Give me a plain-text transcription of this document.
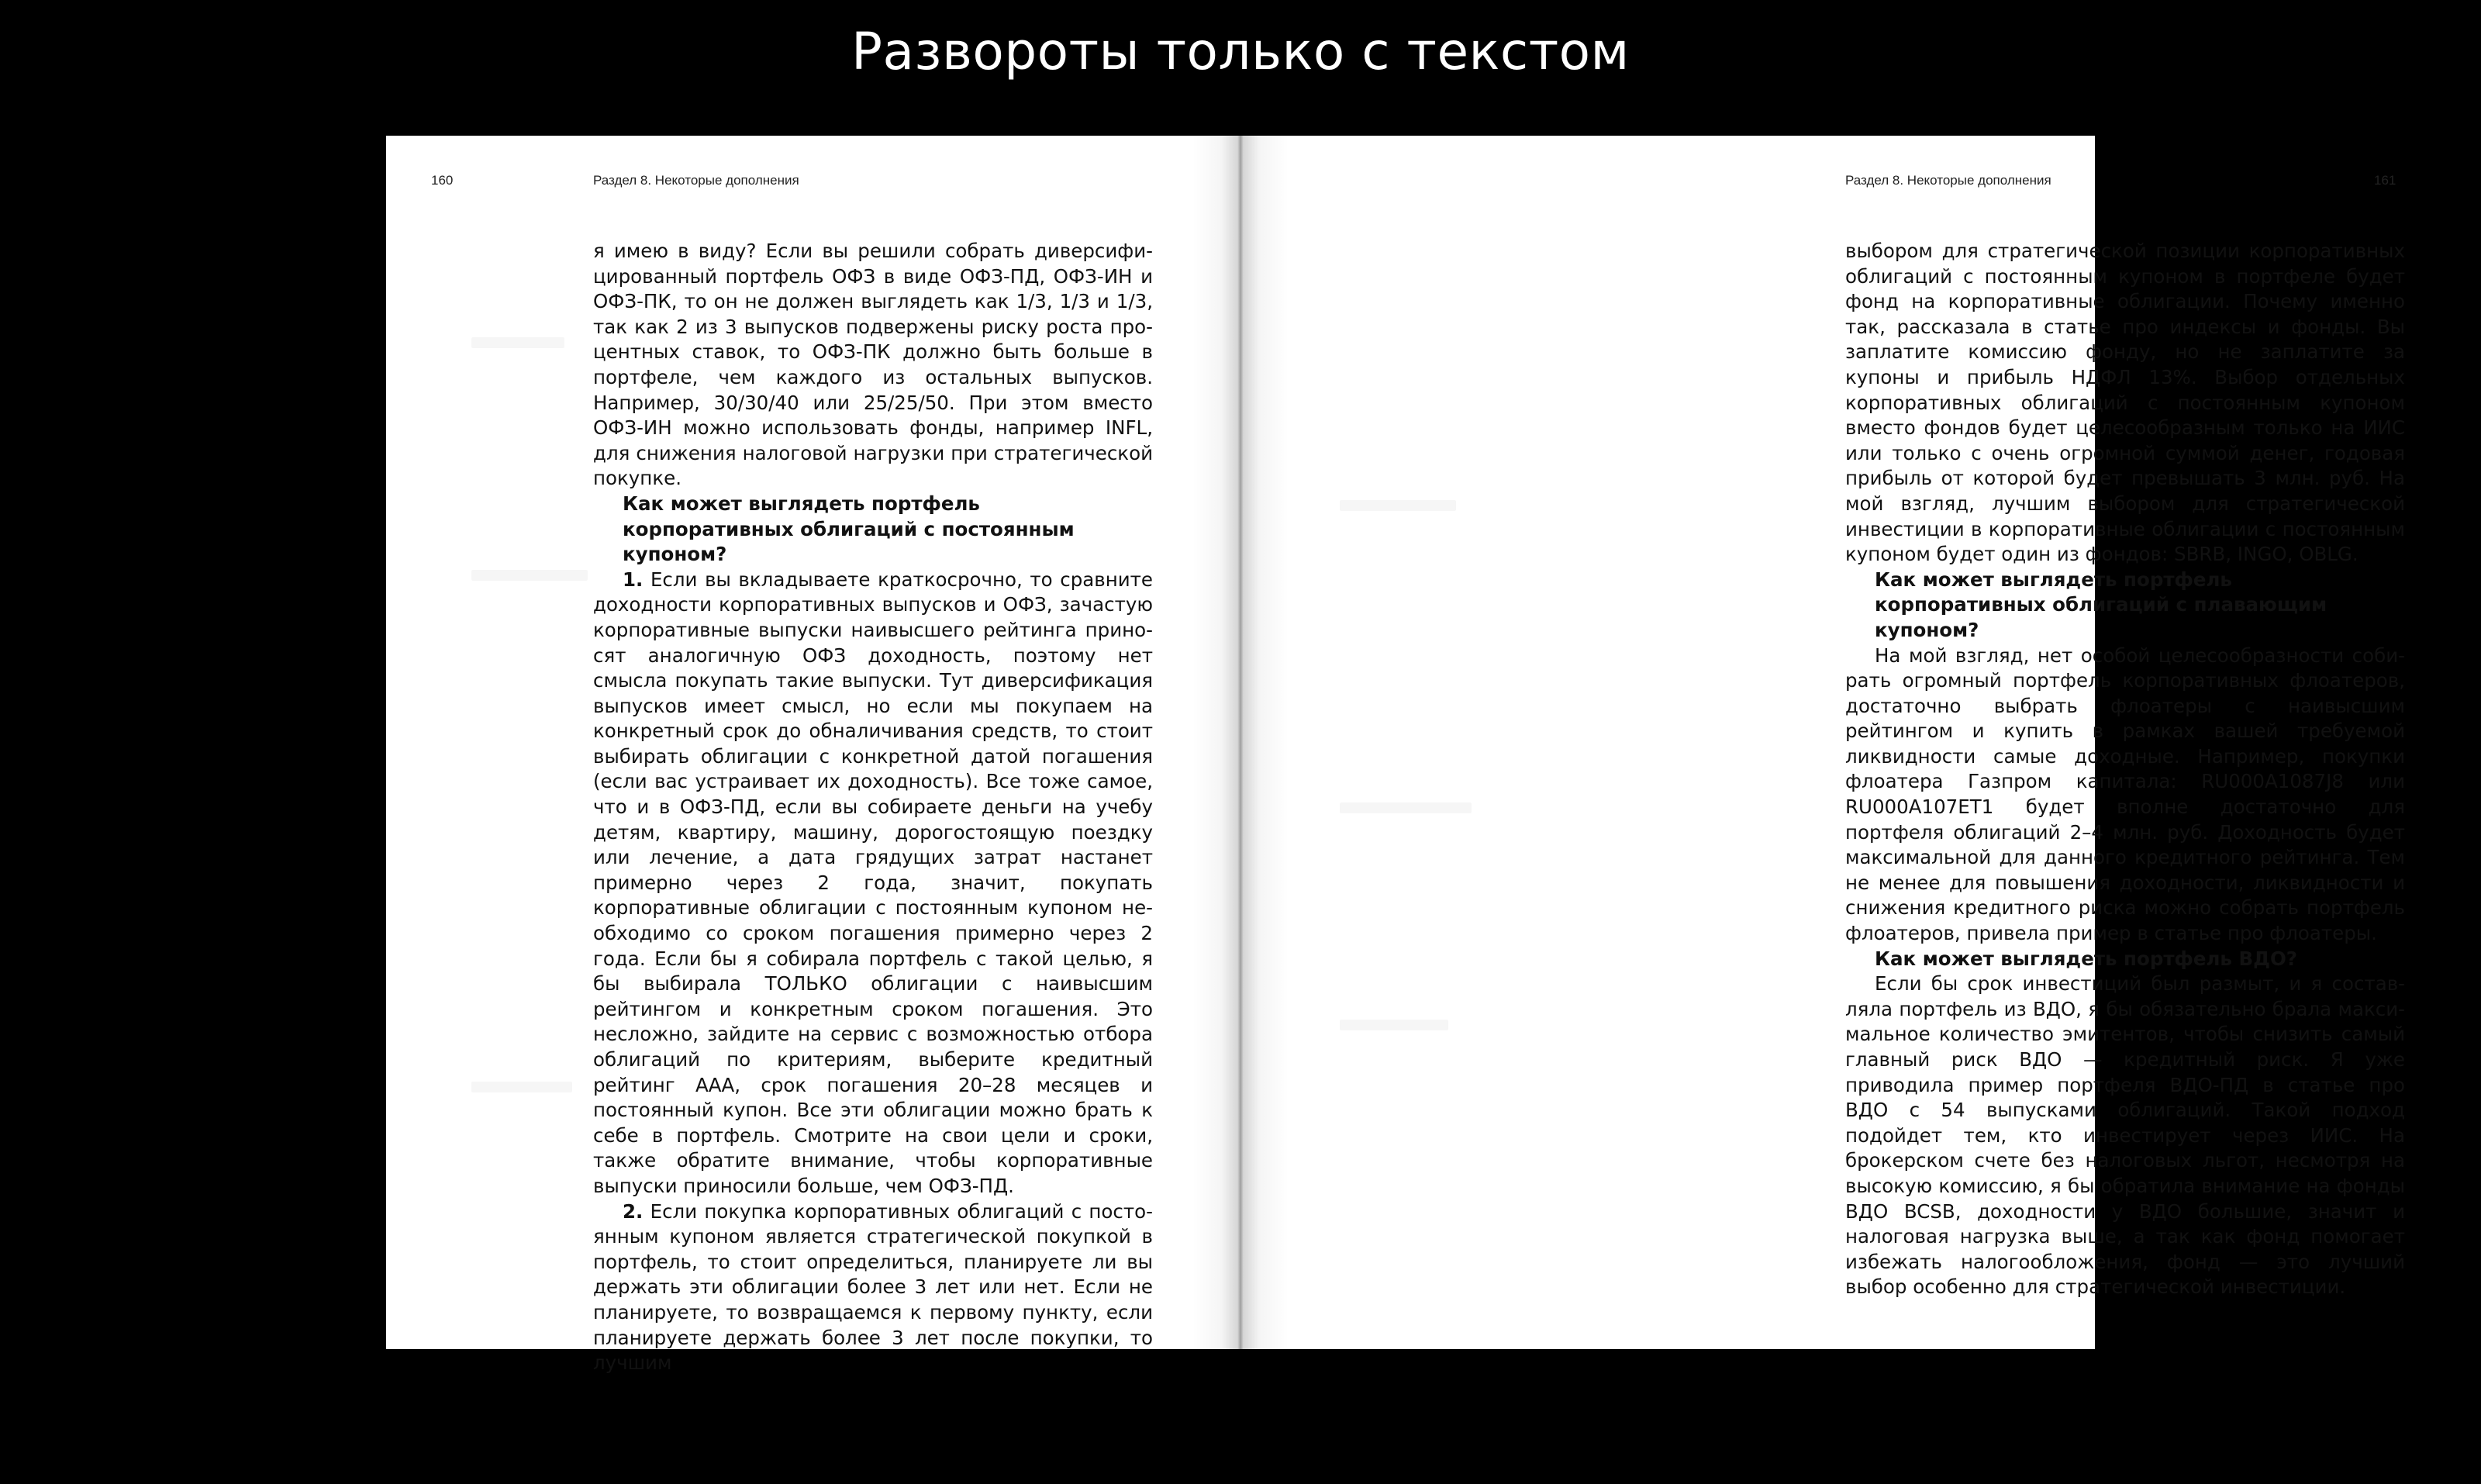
Развороты только с текстом
160	Раздел 8. Некоторые дополнения

я имею в виду? Если вы решили собрать диверсифицированный портфель ОФЗ в виде ОФЗ-ПД, ОФЗ-ИН и ОФЗ-ПК, то он не должен выглядеть как 1/3, 1/3 и 1/3, так как 2 из 3 выпусков подвержены риску роста процентных ставок, то ОФЗ-ПК должно быть больше в портфеле, чем каждого из остальных выпусков. Например, 30/30/40 или 25/25/50. При этом вместо ОФЗ-ИН можно использовать фонды, например INFL, для снижения налоговой нагрузки при стратегической покупке.

Как может выглядеть портфель корпоративных облигаций с постоянным купоном?

1. Если вы вкладываете краткосрочно, то сравните доходности корпоративных выпусков и ОФЗ, зачастую корпоративные выпуски наивысшего рейтинга приносят аналогичную ОФЗ доходность, поэтому нет смысла покупать такие выпуски. Тут диверсификация выпусков имеет смысл, но если мы покупаем на конкретный срок до обналичивания средств, то стоит выбирать облигации с конкретной датой погашения (если вас устраивает их доходность). Все тоже самое, что и в ОФЗ-ПД, если вы собираете деньги на учебу детям, квартиру, машину, дорогостоящую поездку или лечение, а дата грядущих затрат настанет примерно через 2 года, значит, покупать корпоративные облигации с постоянным купоном необходимо со сроком погашения примерно через 2 года. Если бы я собирала портфель с такой целью, я бы выбирала ТОЛЬКО облигации с наивысшим рейтингом и конкретным сроком погашения. Это несложно, зайдите на сервис с возможностью отбора облигаций по критериям, выберите кредитный рейтинг ААА, срок погашения 20–28 месяцев и постоянный купон. Все эти облигации можно брать к себе в портфель. Смотрите на свои цели и сроки, также обратите внимание, чтобы корпоративные выпуски приносили больше, чем ОФЗ-ПД.

2. Если покупка корпоративных облигаций с постоянным купоном является стратегической покупкой в портфель, то стоит определиться, планируете ли вы держать эти облигации более 3 лет или нет. Если не планируете, то возвращаемся к первому пункту, если планируете держать более 3 лет после покупки, то лучшим

Раздел 8. Некоторые дополнения	161

выбором для стратегической позиции корпоративных облигаций с постоянным купоном в портфеле будет фонд на корпоративные облигации. Почему именно так, рассказала в статье про индексы и фонды. Вы заплатите комиссию фонду, но не заплатите за купоны и прибыль НДФЛ 13%. Выбор отдельных корпоративных облигаций с постоянным купоном вместо фондов будет целесообразным только на ИИС или только с очень огромной суммой денег, годовая прибыль от которой будет превышать 3 млн. руб. На мой взгляд, лучшим выбором для стратегической инвестиции в корпоративные облигации с постоянным купоном будет один из фондов: SBRB, INGO, OBLG.

Как может выглядеть портфель корпоративных облигаций с плавающим купоном?

На мой взгляд, нет особой целесообразности собирать огромный портфель корпоративных флоатеров, достаточно выбрать флоатеры с наивысшим рейтингом и купить в рамках вашей требуемой ликвидности самые доходные. Например, покупки флоатера Газпром капитала: RU000A1087J8 или RU000A107ET1 будет вполне достаточно для портфеля облигаций 2–4 млн. руб. Доходность будет максимальной для данного кредитного рейтинга. Тем не менее для повышения доходности, ликвидности и снижения кредитного риска можно собрать портфель флоатеров, привела пример в статье про флоатеры.

Как может выглядеть портфель ВДО?

Если бы срок инвестиций был размыт, и я составляла портфель из ВДО, я бы обязательно брала максимальное количество эмитентов, чтобы снизить самый главный риск ВДО — кредитный риск. Я уже приводила пример портфеля ВДО-ПД в статье про ВДО с 54 выпусками облигаций. Такой подход подойдет тем, кто инвестирует через ИИС. На брокерском счете без налоговых льгот, несмотря на высокую комиссию, я бы обратила внимание на фонды ВДО BCSB, доходности у ВДО большие, значит и налоговая нагрузка выше, а так как фонд помогает избежать налогообложения, фонд — это лучший выбор особенно для стратегической инвестиции.
